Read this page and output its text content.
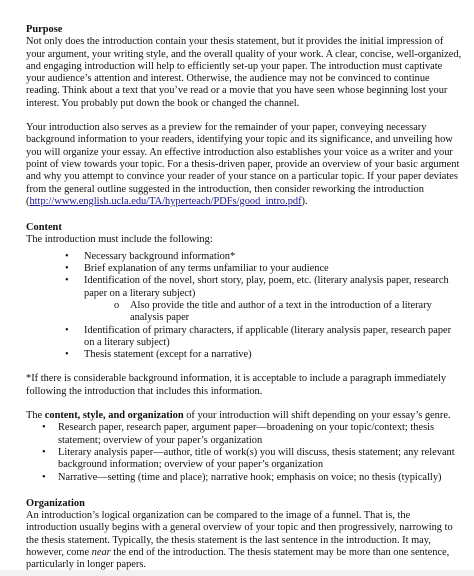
Purpose

Not only does the introduction contain your thesis statement, but it provides the initial impression of your argument, your writing style, and the overall quality of your work. A clear, concise, well-organized, and engaging introduction will help to efficiently set-up your paper. The introduction must captivate your audience’s attention and interest. Otherwise, the audience may not be convinced to continue reading. Think about a text that you’ve read or a movie that you have seen whose beginning lost your interest. You probably put down the book or changed the channel.

Your introduction also serves as a preview for the remainder of your paper, conveying necessary background information to your readers, identifying your topic and its significance, and unveiling how you will organize your essay. An effective introduction also establishes your voice as a writer and your point of view towards your topic. For a thesis-driven paper, provide an overview of your basic argument and why you attempt to convince your reader of your stance on a particular topic. If your paper deviates from the general outline suggested in the introduction, then consider reworking the introduction (http://www.english.ucla.edu/TA/hyperteach/PDFs/good_intro.pdf).

Content

The introduction must include the following:

• Necessary background information*
• Brief explanation of any terms unfamiliar to your audience
• Identification of the novel, short story, play, poem, etc. (literary analysis paper, research paper on a literary subject)
o Also provide the title and author of a text in the introduction of a literary analysis paper
• Identification of primary characters, if applicable (literary analysis paper, research paper on a literary subject)
• Thesis statement (except for a narrative)

*If there is considerable background information, it is acceptable to include a paragraph immediately following the introduction that includes this information.

The content, style, and organization of your introduction will shift depending on your essay’s genre.

• Research paper, research paper, argument paper—broadening on your topic/context; thesis statement; overview of your paper’s organization
• Literary analysis paper—author, title of work(s) you will discuss, thesis statement; any relevant background information; overview of your paper’s organization
• Narrative—setting (time and place); narrative hook; emphasis on voice; no thesis (typically)
Organization

An introduction’s logical organization can be compared to the image of a funnel. That is, the introduction usually begins with a general overview of your topic and then progressively, narrowing to the thesis statement. Typically, the thesis statement is the last sentence in the introduction. It may, however, come near the end of the introduction. The thesis statement may be more than one sentence, particularly in longer papers.
